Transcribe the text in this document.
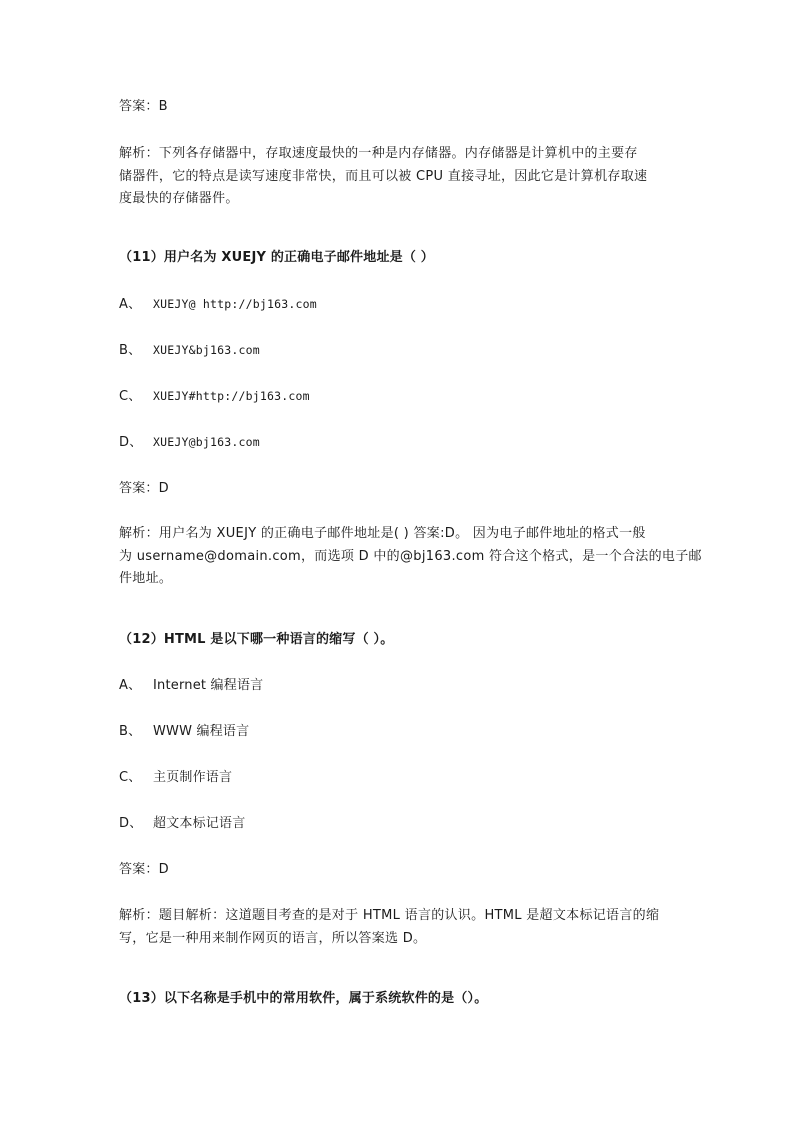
答案：B

解析：下列各存储器中，存取速度最快的一种是内存储器。内存储器是计算机中的主要存

储器件，它的特点是读写速度非常快，而且可以被 CPU 直接寻址，因此它是计算机存取速

度最快的存储器件。

（11）用户名为 XUEJY 的正确电子邮件地址是（ ）
A、 XUEJY@ http://bj163.com
B、 XUEJY&bj163.com
C、 XUEJY#http://bj163.com
D、 XUEJY@bj163.com
答案：D

解析：用户名为 XUEJY 的正确电子邮件地址是( ) 答案:D。 因为电子邮件地址的格式一般

为 username@domain.com，而选项 D 中的@bj163.com 符合这个格式，是一个合法的电子邮

件地址。

（12）HTML 是以下哪一种语言的缩写（ ）。
A、 Internet 编程语言
B、 WWW 编程语言
C、 主页制作语言
D、 超文本标记语言
答案：D

解析：题目解析：这道题目考查的是对于 HTML 语言的认识。HTML 是超文本标记语言的缩

写，它是一种用来制作网页的语言，所以答案选 D。

（13）以下名称是手机中的常用软件，属于系统软件的是（）。
